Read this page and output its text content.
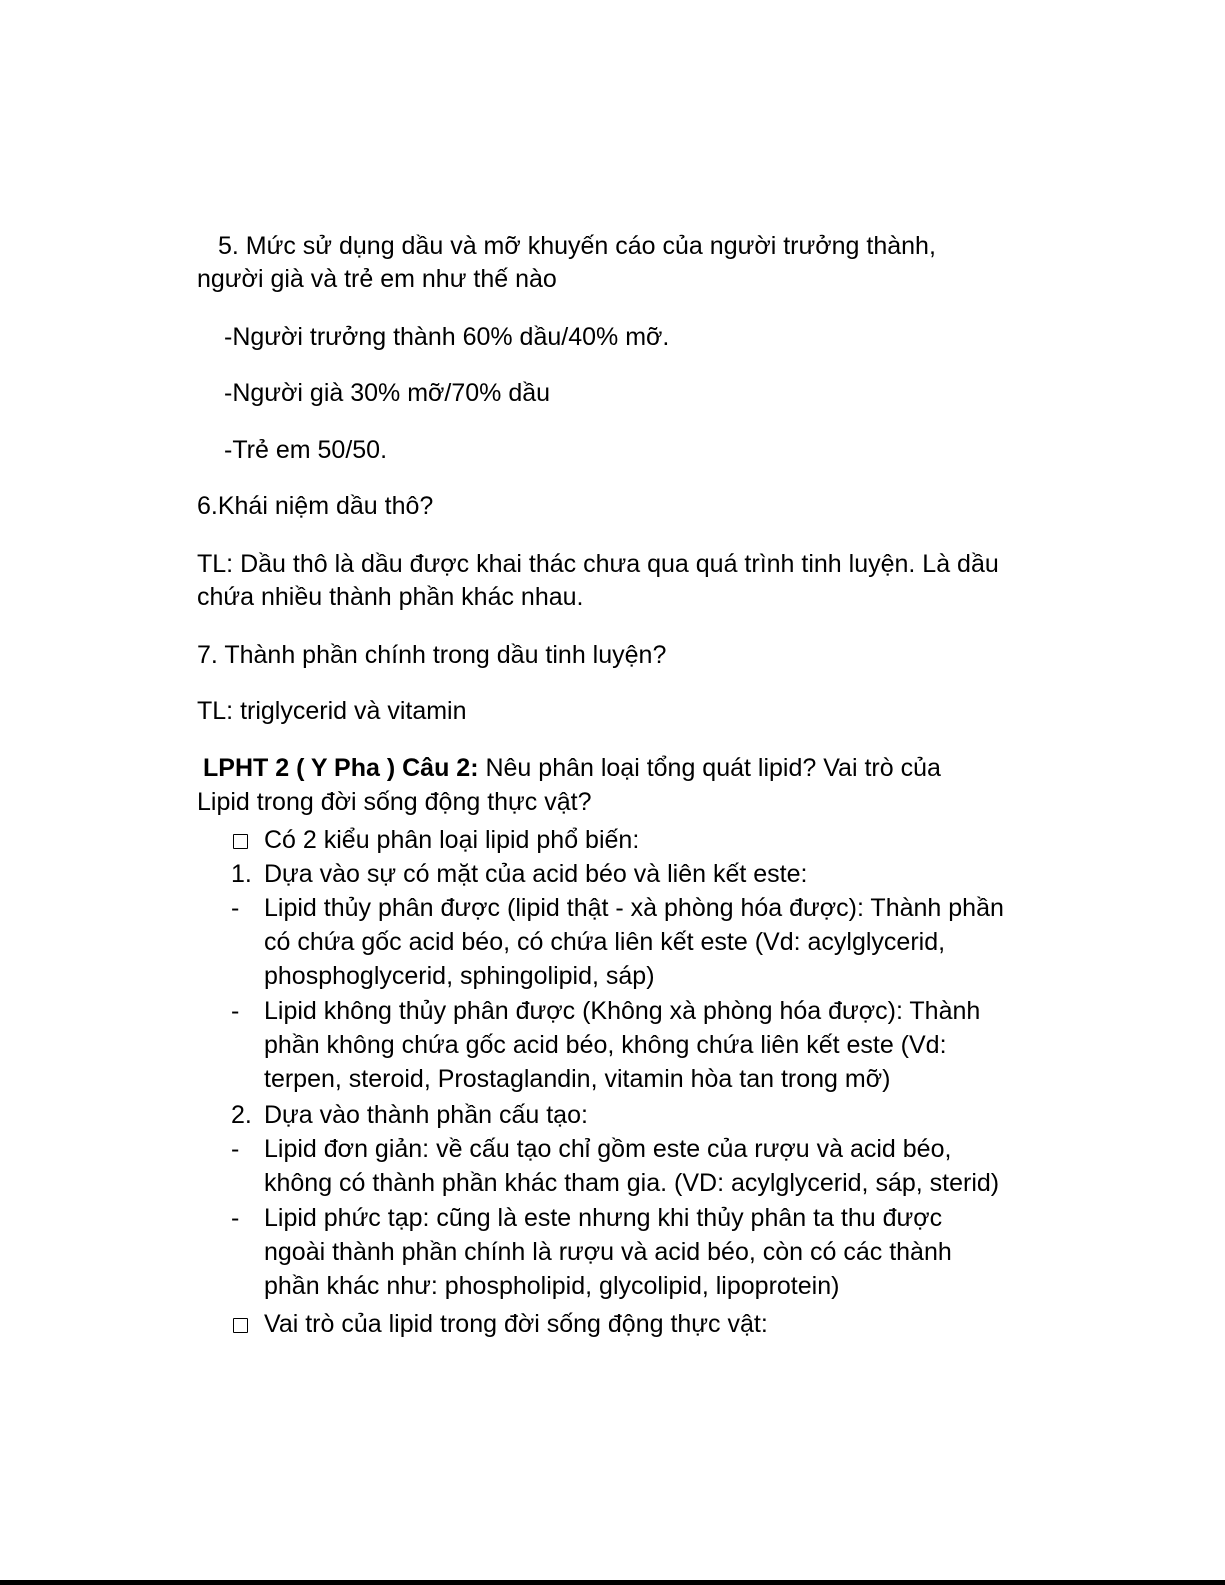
5. Mức sử dụng dầu và mỡ khuyến cáo của người trưởng thành,
người già và trẻ em như thế nào
-Người trưởng thành 60% dầu/40% mỡ.
-Người già 30% mỡ/70% dầu
-Trẻ em 50/50.
6.Khái niệm dầu thô?
TL: Dầu thô là dầu được khai thác chưa qua quá trình tinh luyện. Là dầu
chứa nhiều thành phần khác nhau.
7. Thành phần chính trong dầu tinh luyện?
TL: triglycerid và vitamin
LPHT 2 ( Y Pha ) Câu 2: Nêu phân loại tổng quát lipid? Vai trò của
Lipid trong đời sống động thực vật?
Có 2 kiểu phân loại lipid phổ biến:
1. Dựa vào sự có mặt của acid béo và liên kết este:
- Lipid thủy phân được (lipid thật - xà phòng hóa được): Thành phần
có chứa gốc acid béo, có chứa liên kết este (Vd: acylglycerid,
phosphoglycerid, sphingolipid, sáp)
- Lipid không thủy phân được (Không xà phòng hóa được): Thành
phần không chứa gốc acid béo, không chứa liên kết este (Vd:
terpen, steroid, Prostaglandin, vitamin hòa tan trong mỡ)
2. Dựa vào thành phần cấu tạo:
- Lipid đơn giản: về cấu tạo chỉ gồm este của rượu và acid béo,
không có thành phần khác tham gia. (VD: acylglycerid, sáp, sterid)
- Lipid phức tạp: cũng là este nhưng khi thủy phân ta thu được
ngoài thành phần chính là rượu và acid béo, còn có các thành
phần khác như: phospholipid, glycolipid, lipoprotein)
Vai trò của lipid trong đời sống động thực vật:
